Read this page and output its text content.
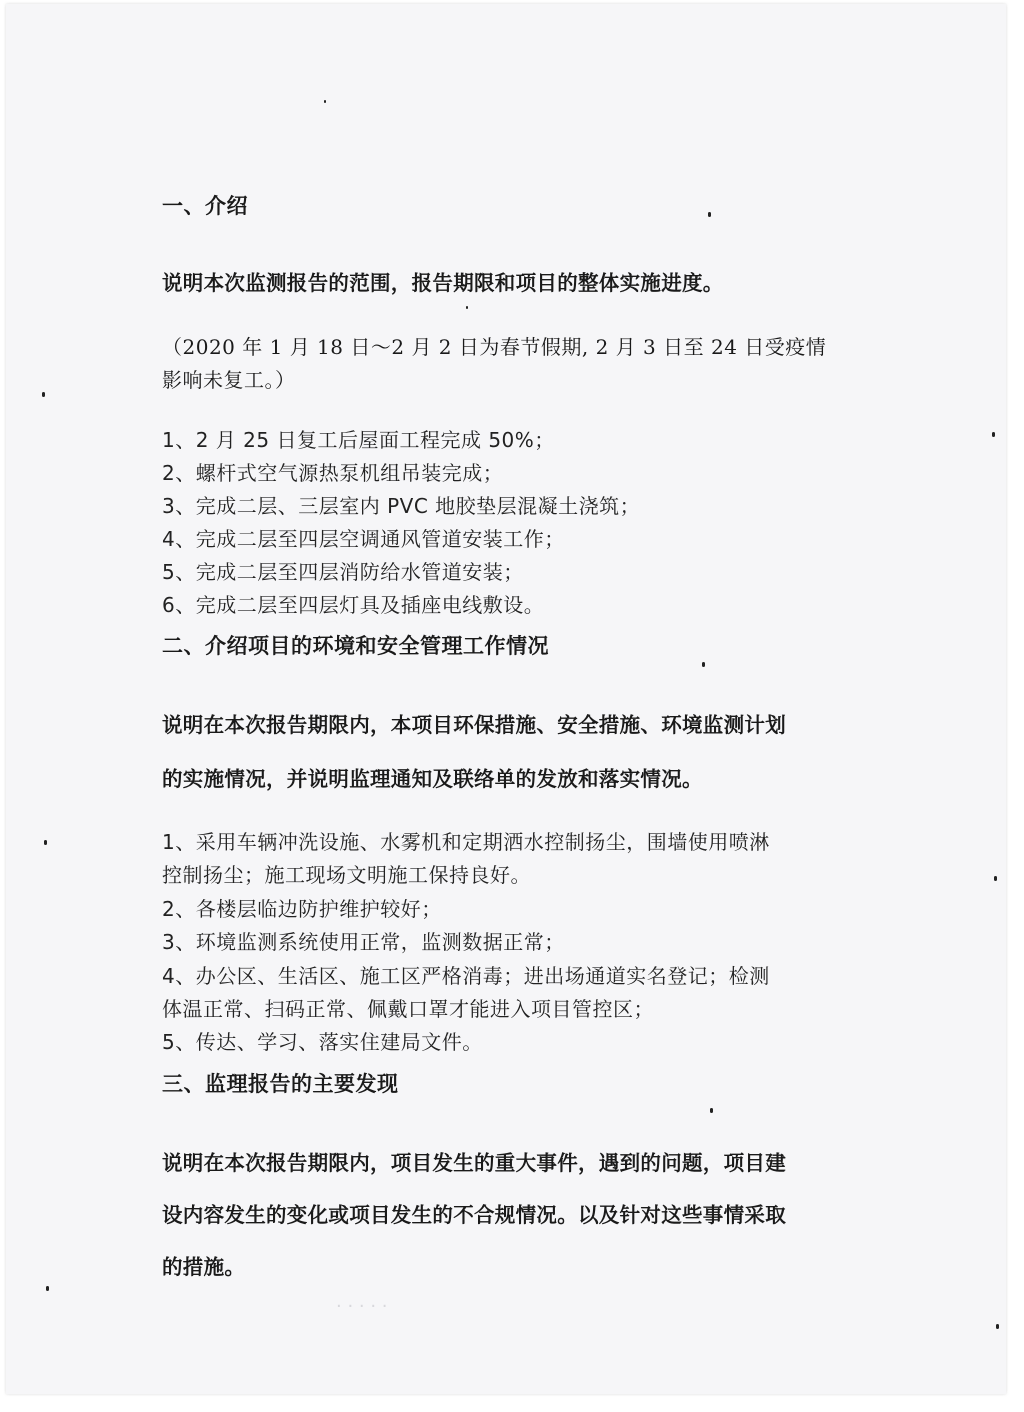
· · · · ·
一、介绍
说明本次监测报告的范围，报告期限和项目的整体实施进度。
（2020 年 1 月 18 日～2 月 2 日为春节假期, 2 月 3 日至 24 日受疫情
影响未复工。）
1、2 月 25 日复工后屋面工程完成 50%；
2、螺杆式空气源热泵机组吊装完成；
3、完成二层、三层室内 PVC 地胶垫层混凝土浇筑；
4、完成二层至四层空调通风管道安装工作；
5、完成二层至四层消防给水管道安装；
6、完成二层至四层灯具及插座电线敷设。
二、介绍项目的环境和安全管理工作情况
说明在本次报告期限内，本项目环保措施、安全措施、环境监测计划
的实施情况，并说明监理通知及联络单的发放和落实情况。
1、采用车辆冲洗设施、水雾机和定期洒水控制扬尘，围墙使用喷淋
控制扬尘；施工现场文明施工保持良好。
2、各楼层临边防护维护较好；
3、环境监测系统使用正常，监测数据正常；
4、办公区、生活区、施工区严格消毒；进出场通道实名登记；检测
体温正常、扫码正常、佩戴口罩才能进入项目管控区；
5、传达、学习、落实住建局文件。
三、监理报告的主要发现
说明在本次报告期限内，项目发生的重大事件，遇到的问题，项目建
设内容发生的变化或项目发生的不合规情况。以及针对这些事情采取
的措施。
